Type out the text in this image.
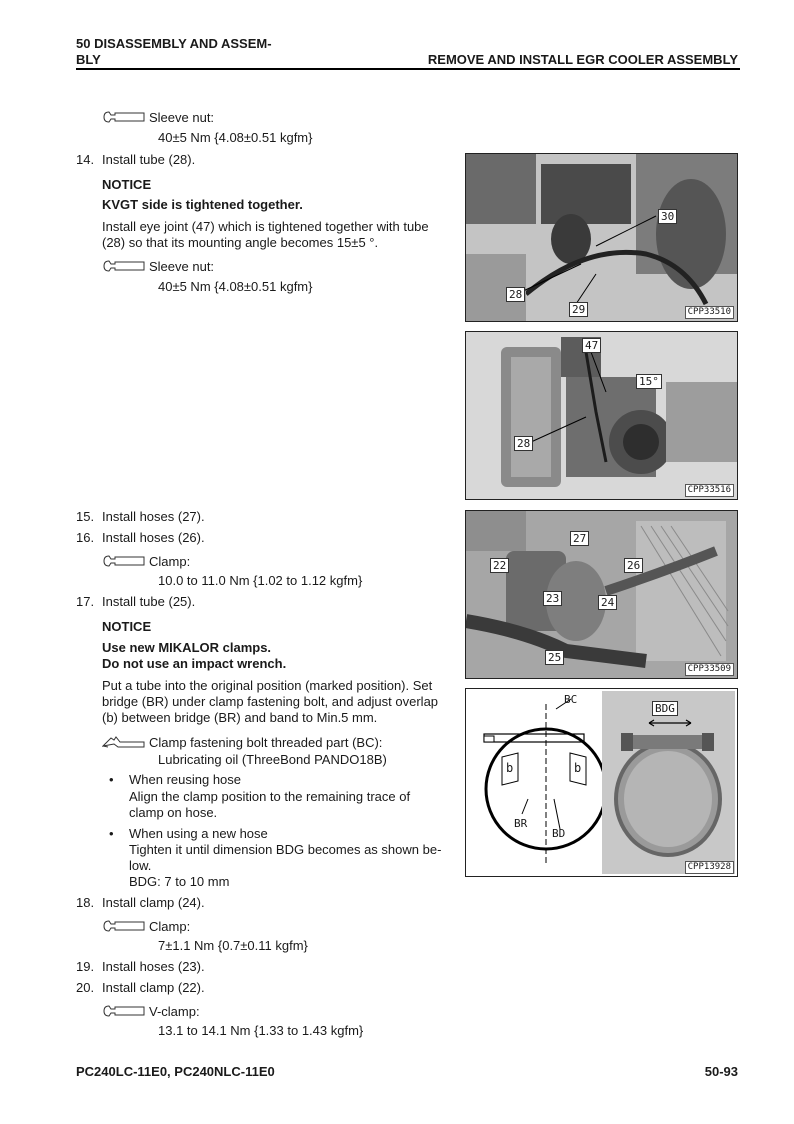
50 DISASSEMBLY AND ASSEM-
BLY	REMOVE AND INSTALL EGR COOLER ASSEMBLY
Sleeve nut:
40±5 Nm {4.08±0.51 kgfm}
14. Install tube (28).
NOTICE
KVGT side is tightened together.
Install eye joint (47) which is tightened together with tube
(28) so that its mounting angle becomes 15±5 °.
Sleeve nut:
40±5 Nm {4.08±0.51 kgfm}
30
28
29	CPP33510
47
15°
28
CPP33516
15. Install hoses (27).
16. Install hoses (26).
Clamp:
10.0 to 11.0 Nm {1.02 to 1.12 kgfm}
27
22	26
23	24
25
CPP33509
17. Install tube (25).
NOTICE
Use new MIKALOR clamps.
Do not use an impact wrench.
Put a tube into the original position (marked position). Set
bridge (BR) under clamp fastening bolt, and adjust overlap
(b) between bridge (BR) and band to Min.5 mm.
Clamp fastening bolt threaded part (BC):
Lubricating oil (ThreeBond PANDO18B)
• When reusing hose
Align the clamp position to the remaining trace of
clamp on hose.
• When using a new hose
Tighten it until dimension BDG becomes as shown be-
low.
BDG: 7 to 10 mm
BC
BDG
BR
BD
b	b
CPP13928
18. Install clamp (24).
Clamp:
7±1.1 Nm {0.7±0.11 kgfm}
19. Install hoses (23).
20. Install clamp (22).
V-clamp:
13.1 to 14.1 Nm {1.33 to 1.43 kgfm}
PC240LC-11E0, PC240NLC-11E0	50-93
